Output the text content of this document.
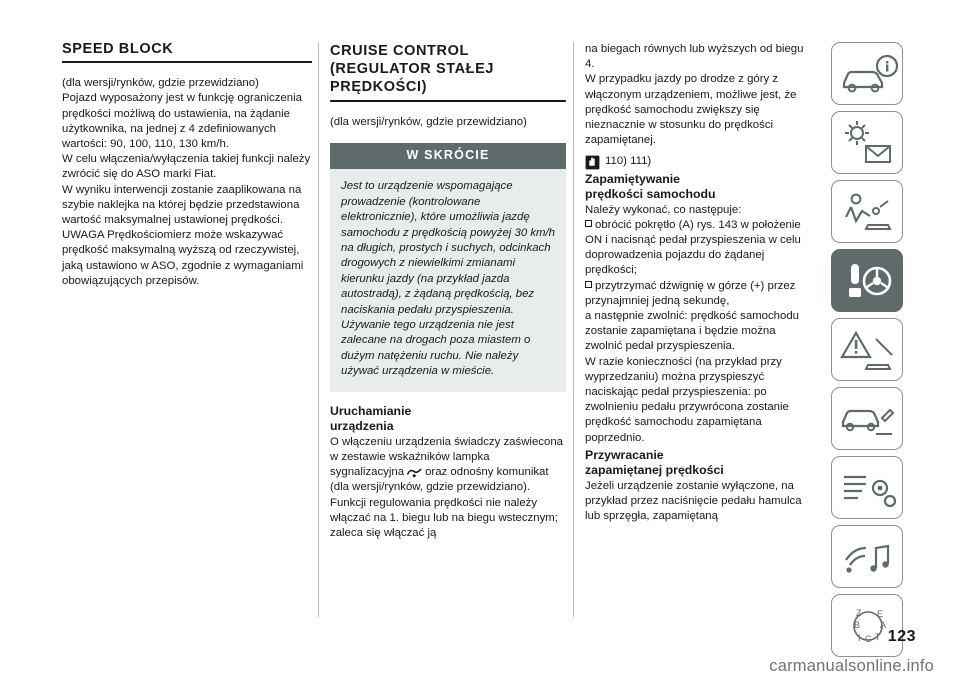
SPEED BLOCK

(dla wersji/rynków, gdzie przewidziano)

Pojazd wyposażony jest w funkcję ograniczenia prędkości możliwą do ustawienia, na żądanie użytkownika, na jednej z 4 zdefiniowanych wartości: 90, 100, 110, 130 km/h.

W celu włączenia/wyłączenia takiej funkcji należy zwrócić się do ASO marki Fiat.

W wyniku interwencji zostanie zaaplikowana na szybie naklejka na której będzie przedstawiona wartość maksymalnej ustawionej prędkości.

UWAGA Prędkościomierz może wskazywać prędkość maksymalną wyższą od rzeczywistej, jaką ustawiono w ASO, zgodnie z wymaganiami obowiązujących przepisów.

CRUISE CONTROL
(REGULATOR STAŁEJ
PRĘDKOŚCI)

(dla wersji/rynków, gdzie przewidziano)

W SKRÓCIE
Jest to urządzenie wspomagające prowadzenie (kontrolowane elektronicznie), które umożliwia jazdę samochodu z prędkością powyżej 30 km/h na długich, prostych i suchych, odcinkach drogowych z niewielkimi zmianami kierunku jazdy (na przykład jazda autostradą), z żądaną prędkością, bez naciskania pedału przyspieszenia. Używanie tego urządzenia nie jest zalecane na drogach poza miastem o dużym natężeniu ruchu. Nie należy używać urządzenia w mieście.
Uruchamianie
urządzenia

O włączeniu urządzenia świadczy zaświecona w zestawie wskaźników lampka sygnalizacyjna oraz odnośny komunikat (dla wersji/rynków, gdzie przewidziano).

Funkcji regulowania prędkości nie należy włączać na 1. biegu lub na biegu wstecznym; zaleca się włączać ją

na biegach równych lub wyższych od biegu 4.

W przypadku jazdy po drodze z góry z włączonym urządzeniem, możliwe jest, że prędkość samochodu zwiększy się nieznacznie w stosunku do prędkości zapamiętanej.

110) 111)
Zapamiętywanie
prędkości samochodu

Należy wykonać, co następuje:

obrócić pokrętło (A) rys. 143 w położenie ON i nacisnąć pedał przyspieszenia w celu doprowadzenia pojazdu do żądanej prędkości;

przytrzymać dźwignię w górze (+) przez przynajmniej jedną sekundę,

a następnie zwolnić: prędkość samochodu zostanie zapamiętana i będzie można zwolnić pedał przyspieszenia.

W razie konieczności (na przykład przy wyprzedzaniu) można przyspieszyć naciskając pedał przyspieszenia: po zwolnieniu pedału przywrócona zostanie prędkość samochodu zapamiętana poprzednio.

Przywracanie
zapamiętanej prędkości

Jeżeli urządzenie zostanie wyłączone, na przykład przez naciśnięcie pedału hamulca lub sprzęgła, zapamiętaną

Z E
B A
I C T 123
carmanualsonline.info
